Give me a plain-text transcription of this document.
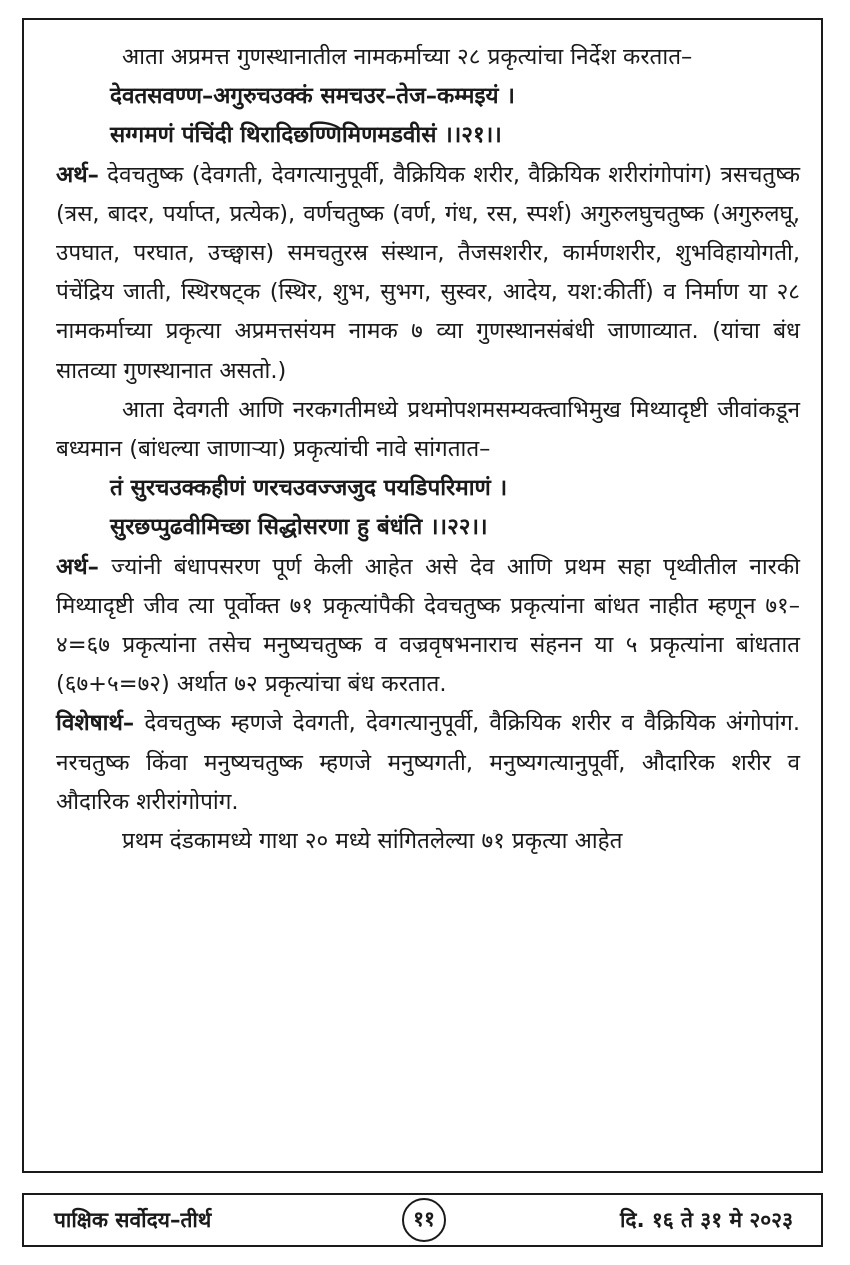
आता अप्रमत्त गुणस्थानातील नामकर्माच्या २८ प्रकृत्यांचा निर्देश करतात–

देवतसवण्ण–अगुरुचउक्कं समचउर–तेज–कम्मइयं ।

सग्गमणं पंचिंदी थिरादिछण्णिमिणमडवीसं ।।२१।।

अर्थ– देवचतुष्क (देवगती, देवगत्यानुपूर्वी, वैक्रियिक शरीर, वैक्रियिक शरीरांगोपांग) त्रसचतुष्क (त्रस, बादर, पर्याप्त, प्रत्येक), वर्णचतुष्क (वर्ण, गंध, रस, स्पर्श) अगुरुलघुचतुष्क (अगुरुलघू, उपघात, परघात, उच्छ्वास) समचतुरस्र संस्थान, तैजसशरीर, कार्मणशरीर, शुभविहायोगती, पंचेंद्रिय जाती, स्थिरषट्क (स्थिर, शुभ, सुभग, सुस्वर, आदेय, यश:कीर्ती) व निर्माण या २८ नामकर्माच्या प्रकृत्या अप्रमत्तसंयम नामक ७ व्या गुणस्थानसंबंधी जाणाव्यात. (यांचा बंध सातव्या गुणस्थानात असतो.)

आता देवगती आणि नरकगतीमध्ये प्रथमोपशमसम्यक्त्वाभिमुख मिथ्यादृष्टी जीवांकडून बध्यमान (बांधल्या जाणाऱ्या) प्रकृत्यांची नावे सांगतात–

तं सुरचउक्कहीणं णरचउवज्जजुद पयडिपरिमाणं ।

सुरछप्पुढवीमिच्छा सिद्धोसरणा हु बंधंति ।।२२।।

अर्थ– ज्यांनी बंधापसरण पूर्ण केली आहेत असे देव आणि प्रथम सहा पृथ्वीतील नारकी मिथ्यादृष्टी जीव त्या पूर्वोक्त ७१ प्रकृत्यांपैकी देवचतुष्क प्रकृत्यांना बांधत नाहीत म्हणून ७१–४=६७ प्रकृत्यांना तसेच मनुष्यचतुष्क व वज्रवृषभनाराच संहनन या ५ प्रकृत्यांना बांधतात (६७+५=७२) अर्थात ७२ प्रकृत्यांचा बंध करतात.

विशेषार्थ– देवचतुष्क म्हणजे देवगती, देवगत्यानुपूर्वी, वैक्रियिक शरीर व वैक्रियिक अंगोपांग. नरचतुष्क किंवा मनुष्यचतुष्क म्हणजे मनुष्यगती, मनुष्यगत्यानुपूर्वी, औदारिक शरीर व औदारिक शरीरांगोपांग.

प्रथम दंडकामध्ये गाथा २० मध्ये सांगितलेल्या ७१ प्रकृत्या आहेत

पाक्षिक सर्वोदय–तीर्थ	११	दि. १६ ते ३१ मे २०२३
